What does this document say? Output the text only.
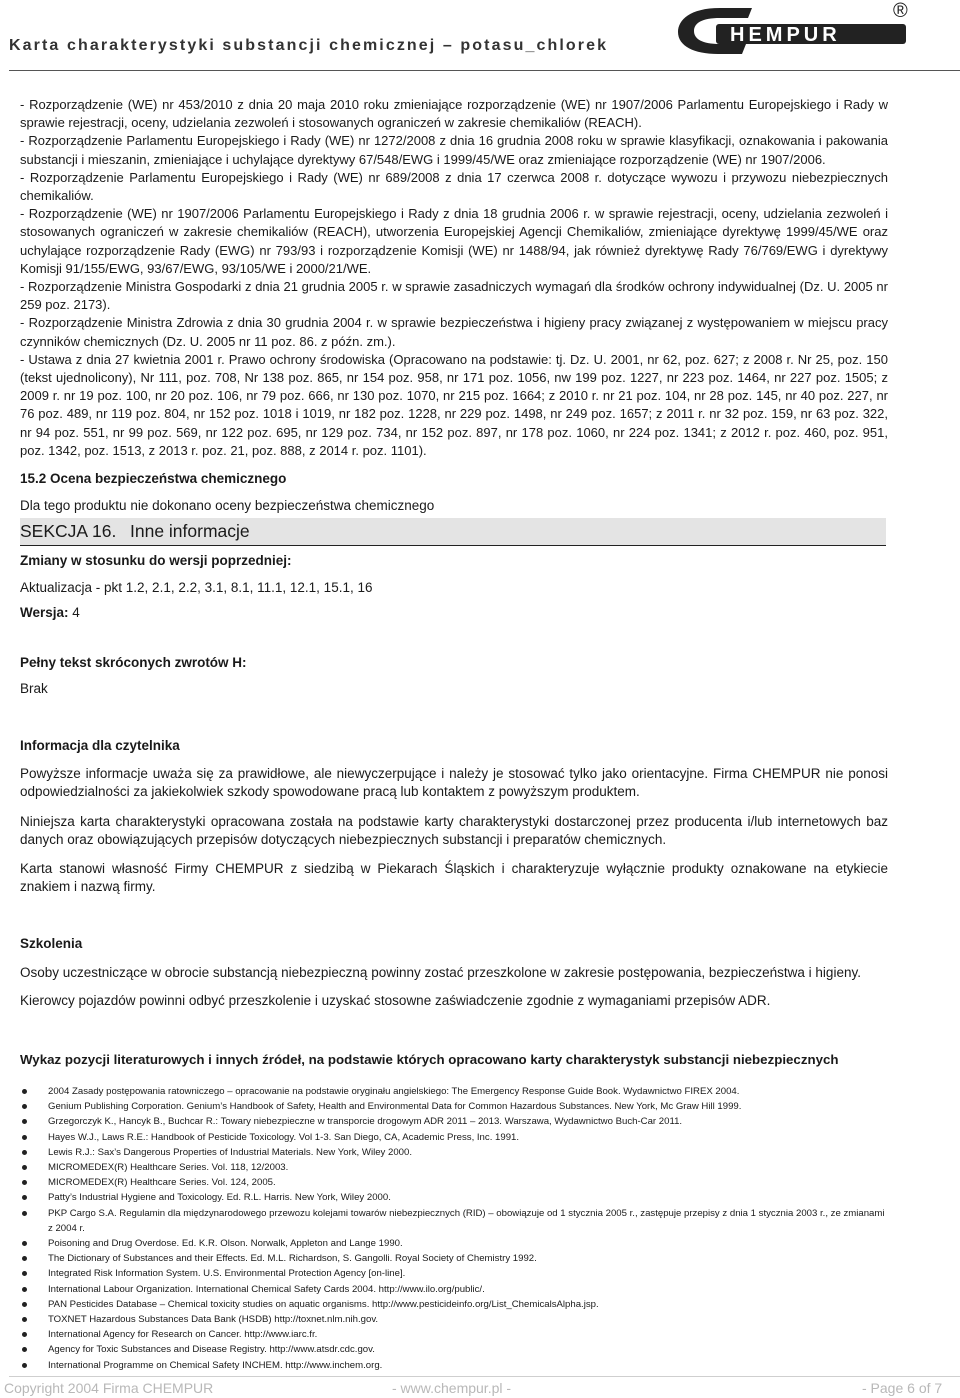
Karta charakterystyki substancji chemicznej – potasu_chlorek	HEMPUR
®

- Rozporządzenie (WE) nr 453/2010 z dnia 20 maja 2010 roku zmieniające rozporządzenie (WE) nr 1907/2006 Parlamentu Europejskiego i Rady w sprawie rejestracji, oceny, udzielania zezwoleń i stosowanych ograniczeń w zakresie chemikaliów (REACH).

- Rozporządzenie Parlamentu Europejskiego i Rady (WE) nr 1272/2008 z dnia 16 grudnia 2008 roku w sprawie klasyfikacji, oznakowania i pakowania substancji i mieszanin, zmieniające i uchylające dyrektywy 67/548/EWG i 1999/45/WE oraz zmieniające rozporządzenie (WE) nr 1907/2006.

- Rozporządzenie Parlamentu Europejskiego i Rady (WE) nr 689/2008 z dnia 17 czerwca 2008 r. dotyczące wywozu i przywozu niebezpiecznych chemikaliów.

- Rozporządzenie (WE) nr 1907/2006 Parlamentu Europejskiego i Rady z dnia 18 grudnia 2006 r. w sprawie rejestracji, oceny, udzielania zezwoleń i stosowanych ograniczeń w zakresie chemikaliów (REACH), utworzenia Europejskiej Agencji Chemikaliów, zmieniające dyrektywę 1999/45/WE oraz uchylające rozporządzenie Rady (EWG) nr 793/93 i rozporządzenie Komisji (WE) nr 1488/94, jak również dyrektywę Rady 76/769/EWG i dyrektywy Komisji 91/155/EWG, 93/67/EWG, 93/105/WE i 2000/21/WE.

- Rozporządzenie Ministra Gospodarki z dnia 21 grudnia 2005 r. w sprawie zasadniczych wymagań dla środków ochrony indywidualnej (Dz. U. 2005 nr 259 poz. 2173).

- Rozporządzenie Ministra Zdrowia z dnia 30 grudnia 2004 r. w sprawie bezpieczeństwa i higieny pracy związanej z występowaniem w miejscu pracy czynników chemicznych (Dz. U. 2005 nr 11 poz. 86. z późn. zm.).

- Ustawa z dnia 27 kwietnia 2001 r. Prawo ochrony środowiska (Opracowano na podstawie: tj. Dz. U. 2001, nr 62, poz. 627; z 2008 r. Nr 25, poz. 150 (tekst ujednolicony), Nr 111, poz. 708, Nr 138 poz. 865, nr 154 poz. 958, nr 171 poz. 1056, nw 199 poz. 1227, nr 223 poz. 1464, nr 227 poz. 1505; z 2009 r. nr 19 poz. 100, nr 20 poz. 106, nr 79 poz. 666, nr 130 poz. 1070, nr 215 poz. 1664; z 2010 r. nr 21 poz. 104, nr 28 poz. 145, nr 40 poz. 227, nr 76 poz. 489, nr 119 poz. 804, nr 152 poz. 1018 i 1019, nr 182 poz. 1228, nr 229 poz. 1498, nr 249 poz. 1657; z 2011 r. nr 32 poz. 159, nr 63 poz. 322, nr 94 poz. 551, nr 99 poz. 569, nr 122 poz. 695, nr 129 poz. 734, nr 152 poz. 897, nr 178 poz. 1060, nr 224 poz. 1341; z 2012 r. poz. 460, poz. 951, poz. 1342, poz. 1513, z 2013 r. poz. 21, poz. 888, z 2014 r. poz. 1101).

15.2 Ocena bezpieczeństwa chemicznego
Dla tego produktu nie dokonano oceny bezpieczeństwa chemicznego
SEKCJA 16. Inne informacje
Zmiany w stosunku do wersji poprzedniej:
Aktualizacja - pkt 1.2, 2.1, 2.2, 3.1, 8.1, 11.1, 12.1, 15.1, 16
Wersja: 4
Pełny tekst skróconych zwrotów H:
Brak
Informacja dla czytelnika
Powyższe informacje uważa się za prawidłowe, ale niewyczerpujące i należy je stosować tylko jako orientacyjne. Firma CHEMPUR nie ponosi odpowiedzialności za jakiekolwiek szkody spowodowane pracą lub kontaktem z powyższym produktem.
Niniejsza karta charakterystyki opracowana została na podstawie karty charakterystyki dostarczonej przez producenta i/lub internetowych baz danych oraz obowiązujących przepisów dotyczących niebezpiecznych substancji i preparatów chemicznych.
Karta stanowi własność Firmy CHEMPUR z siedzibą w Piekarach Śląskich i charakteryzuje wyłącznie produkty oznakowane na etykiecie znakiem i nazwą firmy.
Szkolenia
Osoby uczestniczące w obrocie substancją niebezpieczną powinny zostać przeszkolone w zakresie postępowania, bezpieczeństwa i higieny.
Kierowcy pojazdów powinni odbyć przeszkolenie i uzyskać stosowne zaświadczenie zgodnie z wymaganiami przepisów ADR.
Wykaz pozycji literaturowych i innych źródeł, na podstawie których opracowano karty charakterystyk substancji niebezpiecznych
2004 Zasady postępowania ratowniczego – opracowanie na podstawie oryginału angielskiego: The Emergency Response Guide Book. Wydawnictwo FIREX 2004.
Genium Publishing Corporation. Genium’s Handbook of Safety, Health and Environmental Data for Common Hazardous Substances. New York, Mc Graw Hill 1999.
Grzegorczyk K., Hancyk B., Buchcar R.: Towary niebezpieczne w transporcie drogowym ADR 2011 – 2013. Warszawa, Wydawnictwo Buch-Car 2011.
Hayes W.J., Laws R.E.: Handbook of Pesticide Toxicology. Vol 1-3. San Diego, CA, Academic Press, Inc. 1991.
Lewis R.J.: Sax’s Dangerous Properties of Industrial Materials. New York, Wiley 2000.
MICROMEDEX(R) Healthcare Series. Vol. 118, 12/2003.
MICROMEDEX(R) Healthcare Series. Vol. 124, 2005.
Patty’s Industrial Hygiene and Toxicology. Ed. R.L. Harris. New York, Wiley 2000.
PKP Cargo S.A. Regulamin dla międzynarodowego przewozu kolejami towarów niebezpiecznych (RID) – obowiązuje od 1 stycznia 2005 r., zastępuje przepisy z dnia 1 stycznia 2003 r., ze zmianami z 2004 r.
Poisoning and Drug Overdose. Ed. K.R. Olson. Norwalk, Appleton and Lange 1990.
The Dictionary of Substances and their Effects. Ed. M.L. Richardson, S. Gangolli. Royal Society of Chemistry 1992.
Integrated Risk Information System. U.S. Environmental Protection Agency [on-line].
International Labour Organization. International Chemical Safety Cards 2004. http://www.ilo.org/public/.
PAN Pesticides Database – Chemical toxicity studies on aquatic organisms. http://www.pesticideinfo.org/List_ChemicalsAlpha.jsp.
TOXNET Hazardous Substances Data Bank (HSDB) http://toxnet.nlm.nih.gov.
International Agency for Research on Cancer. http://www.iarc.fr.
Agency for Toxic Substances and Disease Registry. http://www.atsdr.cdc.gov.
International Programme on Chemical Safety INCHEM. http://www.inchem.org.
Copyright 2004 Firma CHEMPUR	- www.chempur.pl -	- Page 6 of 7
